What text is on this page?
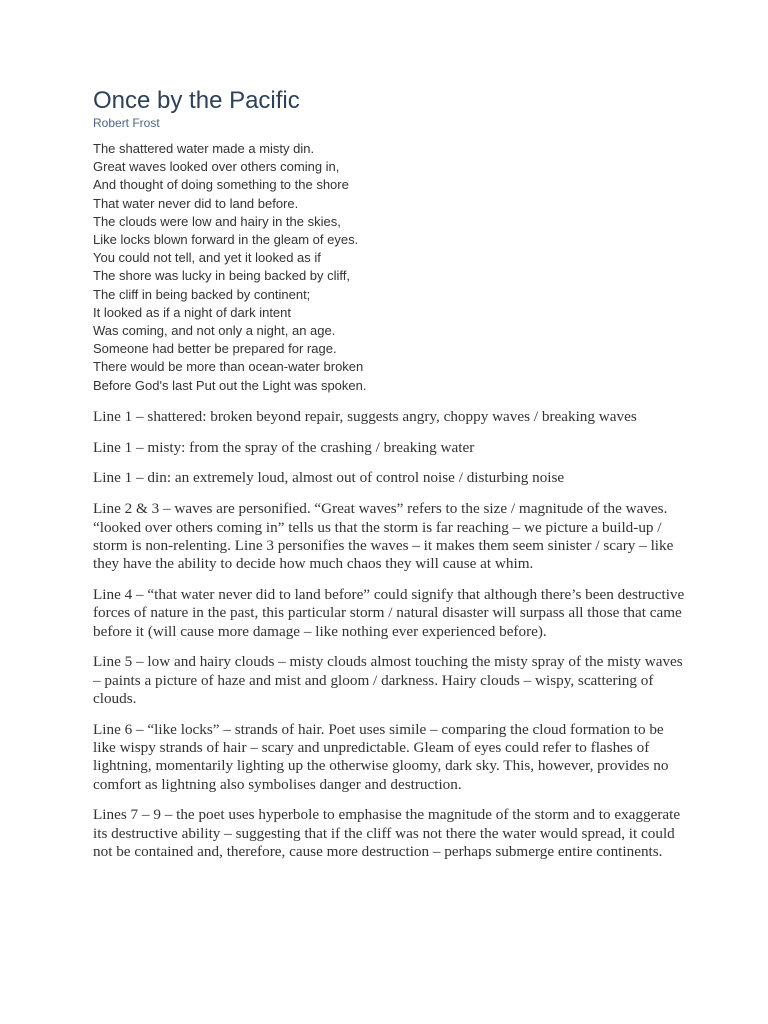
Once by the Pacific

Robert Frost

The shattered water made a misty din.
Great waves looked over others coming in,
And thought of doing something to the shore
That water never did to land before.
The clouds were low and hairy in the skies,
Like locks blown forward in the gleam of eyes.
You could not tell, and yet it looked as if
The shore was lucky in being backed by cliff,
The cliff in being backed by continent;
It looked as if a night of dark intent
Was coming, and not only a night, an age.
Someone had better be prepared for rage.
There would be more than ocean-water broken
Before God's last Put out the Light was spoken.

Line 1 – shattered: broken beyond repair, suggests angry, choppy waves / breaking waves

Line 1 – misty: from the spray of the crashing / breaking water

Line 1 – din: an extremely loud, almost out of control noise / disturbing noise

Line 2 & 3 – waves are personified. “Great waves” refers to the size / magnitude of the waves. “looked over others coming in” tells us that the storm is far reaching – we picture a build-up / storm is non-relenting. Line 3 personifies the waves – it makes them seem sinister / scary – like they have the ability to decide how much chaos they will cause at whim.

Line 4 – “that water never did to land before” could signify that although there’s been destructive forces of nature in the past, this particular storm / natural disaster will surpass all those that came before it (will cause more damage – like nothing ever experienced before).

Line 5 – low and hairy clouds – misty clouds almost touching the misty spray of the misty waves – paints a picture of haze and mist and gloom / darkness. Hairy clouds – wispy, scattering of clouds.

Line 6 – “like locks” – strands of hair. Poet uses simile – comparing the cloud formation to be like wispy strands of hair – scary and unpredictable. Gleam of eyes could refer to flashes of lightning, momentarily lighting up the otherwise gloomy, dark sky. This, however, provides no comfort as lightning also symbolises danger and destruction.

Lines 7 – 9 – the poet uses hyperbole to emphasise the magnitude of the storm and to exaggerate its destructive ability – suggesting that if the cliff was not there the water would spread, it could not be contained and, therefore, cause more destruction – perhaps submerge entire continents.
